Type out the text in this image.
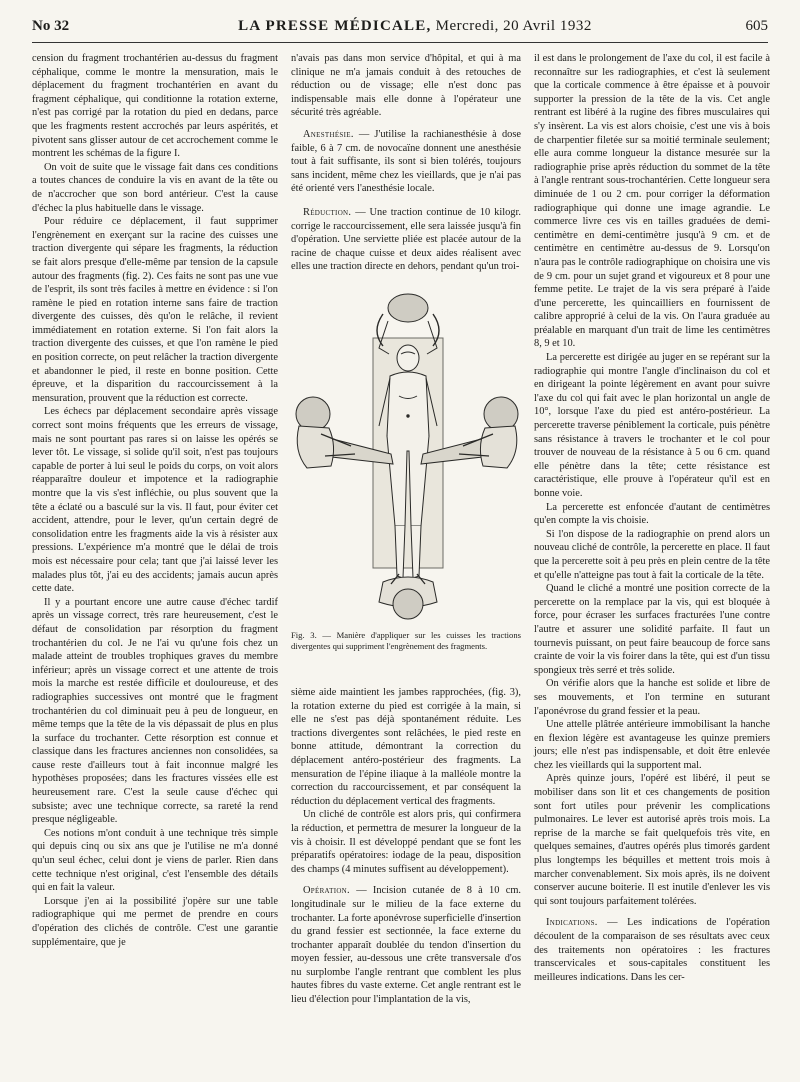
No 32	LA PRESSE MÉDICALE, Mercredi, 20 Avril 1932	605

cension du fragment trochantérien au-dessus du fragment céphalique, comme le montre la mensuration, mais le déplacement du fragment trochantérien en avant du fragment céphalique, qui conditionne la rotation externe, n'est pas corrigé par la rotation du pied en dedans, parce que les fragments restent accrochés par leurs aspérités, et pivotent sans glisser autour de cet accrochement comme le montrent les schémas de la figure I.

On voit de suite que le vissage fait dans ces conditions a toutes chances de conduire la vis en avant de la tête ou de n'accrocher que son bord antérieur. C'est la cause d'échec la plus habituelle dans le vissage.

Pour réduire ce déplacement, il faut supprimer l'engrènement en exerçant sur la racine des cuisses une traction divergente qui sépare les fragments, la réduction se fait alors presque d'elle-même par tension de la capsule autour des fragments (fig. 2). Ces faits ne sont pas une vue de l'esprit, ils sont très faciles à mettre en évidence : si l'on ramène le pied en rotation interne sans faire de traction divergente des cuisses, dès qu'on le relâche, il revient immédiatement en rotation externe. Si l'on fait alors la traction divergente des cuisses, et que l'on ramène le pied en position correcte, on peut relâcher la traction divergente et abandonner le pied, il reste en bonne position. Cette épreuve, et la disparition du raccourcissement à la mensuration, prouvent que la réduction est correcte.

Les échecs par déplacement secondaire après vissage correct sont moins fréquents que les erreurs de vissage, mais ne sont pourtant pas rares si on laisse les opérés se lever tôt. Le vissage, si solide qu'il soit, n'est pas toujours capable de porter à lui seul le poids du corps, on voit alors réapparaître douleur et impotence et la radiographie montre que la vis s'est infléchie, ou plus souvent que la tête a éclaté ou a basculé sur la vis. Il faut, pour éviter cet accident, attendre, pour le lever, qu'un certain degré de consolidation entre les fragments aide la vis à résister aux pressions. L'expérience m'a montré que le délai de trois mois est nécessaire pour cela; tant que j'ai laissé lever les malades plus tôt, j'ai eu des accidents; jamais aucun après cette date.

Il y a pourtant encore une autre cause d'échec tardif après un vissage correct, très rare heureusement, c'est le défaut de consolidation par résorption du fragment trochantérien du col. Je ne l'ai vu qu'une fois chez un malade atteint de troubles trophiques graves du membre inférieur; après un vissage correct et une attente de trois mois la marche est restée difficile et douloureuse, et des radiographies successives ont montré que le fragment trochantérien du col diminuait peu à peu de longueur, en même temps que la tête de la vis dépassait de plus en plus la surface du trochanter. Cette résorption est connue et classique dans les fractures anciennes non consolidées, sa cause reste d'ailleurs tout à fait inconnue malgré les hypothèses proposées; dans les fractures vissées elle est heureusement rare. C'est la seule cause d'échec qui subsiste; avec une technique correcte, sa rareté la rend presque négligeable.

Ces notions m'ont conduit à une technique très simple qui depuis cinq ou six ans que je l'utilise ne m'a donné qu'un seul échec, celui dont je viens de parler. Rien dans cette technique n'est original, c'est l'ensemble des détails qui en fait la valeur.

Lorsque j'en ai la possibilité j'opère sur une table radiographique qui me permet de prendre en cours d'opération des clichés de contrôle. C'est une garantie supplémentaire, que je

n'avais pas dans mon service d'hôpital, et qui à ma clinique ne m'a jamais conduit à des retouches de réduction ou de vissage; elle n'est donc pas indispensable mais elle donne à l'opérateur une sécurité très agréable.

Anesthésie. — J'utilise la rachianesthésie à dose faible, 6 à 7 cm. de novocaïne donnent une anesthésie tout à fait suffisante, ils sont si bien tolérés, toujours sans incident, même chez les vieillards, que je n'ai pas été orienté vers l'anesthésie locale.

Réduction. — Une traction continue de 10 kilogr. corrige le raccourcissement, elle sera laissée jusqu'à fin d'opération. Une serviette pliée est placée autour de la racine de chaque cuisse et deux aides réalisent avec elles une traction directe en dehors, pendant qu'un troi-

Fig. 3. — Manière d'appliquer sur les cuisses les tractions divergentes qui suppriment l'engrènement des fragments.

sième aide maintient les jambes rapprochées, (fig. 3), la rotation externe du pied est corrigée à la main, si elle ne s'est pas déjà spontanément réduite. Les tractions divergentes sont relâchées, le pied reste en bonne attitude, démontrant la correction du déplacement antéro-postérieur des fragments. La mensuration de l'épine iliaque à la malléole montre la correction du raccourcissement, et par conséquent la réduction du déplacement vertical des fragments.

Un cliché de contrôle est alors pris, qui confirmera la réduction, et permettra de mesurer la longueur de la vis à choisir. Il est développé pendant que se font les préparatifs opératoires: iodage de la peau, disposition des champs (4 minutes suffisent au développement).

Opération. — Incision cutanée de 8 à 10 cm. longitudinale sur le milieu de la face externe du trochanter. La forte aponévrose superficielle d'insertion du grand fessier est sectionnée, la face externe du trochanter apparaît doublée du tendon d'insertion du moyen fessier, au-dessous une crête transversale d'os nu surplombe l'angle rentrant que comblent les plus hautes fibres du vaste externe. Cet angle rentrant est le lieu d'élection pour l'implantation de la vis,

il est dans le prolongement de l'axe du col, il est facile à reconnaître sur les radiographies, et c'est là seulement que la corticale commence à être épaisse et à pouvoir supporter la pression de la tête de la vis. Cet angle rentrant est libéré à la rugine des fibres musculaires qui s'y insèrent. La vis est alors choisie, c'est une vis à bois de charpentier filetée sur sa moitié terminale seulement; elle aura comme longueur la distance mesurée sur la radiographie prise après réduction du sommet de la tête à l'angle rentrant sous-trochantérien. Cette longueur sera diminuée de 1 ou 2 cm. pour corriger la déformation radiographique qui donne une image agrandie. Le commerce livre ces vis en tailles graduées de demi-centimètre en demi-centimètre jusqu'à 9 cm. et de centimètre en centimètre au-dessus de 9. Lorsqu'on n'aura pas le contrôle radiographique on choisira une vis de 9 cm. pour un sujet grand et vigoureux et 8 pour une femme petite. Le trajet de la vis sera préparé à l'aide d'une percerette, les quincailliers en fournissent de calibre approprié à celui de la vis. On l'aura graduée au préalable en marquant d'un trait de lime les centimètres 8, 9 et 10.

La percerette est dirigée au juger en se repérant sur la radiographie qui montre l'angle d'inclinaison du col et en dirigeant la pointe légèrement en avant pour suivre l'axe du col qui fait avec le plan horizontal un angle de 10°, lorsque l'axe du pied est antéro-postérieur. La percerette traverse péniblement la corticale, puis pénètre sans résistance à travers le trochanter et le col pour trouver de nouveau de la résistance à 5 ou 6 cm. quand elle pénètre dans la tête; cette résistance est caractéristique, elle prouve à l'opérateur qu'il est en bonne voie.

La percerette est enfoncée d'autant de centimètres qu'en compte la vis choisie.

Si l'on dispose de la radiographie on prend alors un nouveau cliché de contrôle, la percerette en place. Il faut que la percerette soit à peu près en plein centre de la tête et qu'elle n'atteigne pas tout à fait la corticale de la tête.

Quand le cliché a montré une position correcte de la percerette on la remplace par la vis, qui est bloquée à force, pour écraser les surfaces fracturées l'une contre l'autre et assurer une solidité parfaite. Il faut un tournevis puissant, on peut faire beaucoup de force sans crainte de voir la vis foirer dans la tête, qui est d'un tissu spongieux très serré et très solide.

On vérifie alors que la hanche est solide et libre de ses mouvements, et l'on termine en suturant l'aponévrose du grand fessier et la peau.

Une attelle plâtrée antérieure immobilisant la hanche en flexion légère est avantageuse les quinze premiers jours; elle n'est pas indispensable, et doit être enlevée chez les vieillards qui la supportent mal.

Après quinze jours, l'opéré est libéré, il peut se mobiliser dans son lit et ces changements de position sont fort utiles pour prévenir les complications pulmonaires. Le lever est autorisé après trois mois. La reprise de la marche se fait quelquefois très vite, en quelques semaines, d'autres opérés plus timorés gardent plus longtemps les béquilles et mettent trois mois à marcher convenablement. Six mois après, ils ne doivent conserver aucune boiterie. Il est inutile d'enlever les vis qui sont toujours parfaitement tolérées.

Indications. — Les indications de l'opération découlent de la comparaison de ses résultats avec ceux des traitements non opératoires : les fractures transcervicales et sous-capitales constituent les meilleures indications. Dans les cer-
